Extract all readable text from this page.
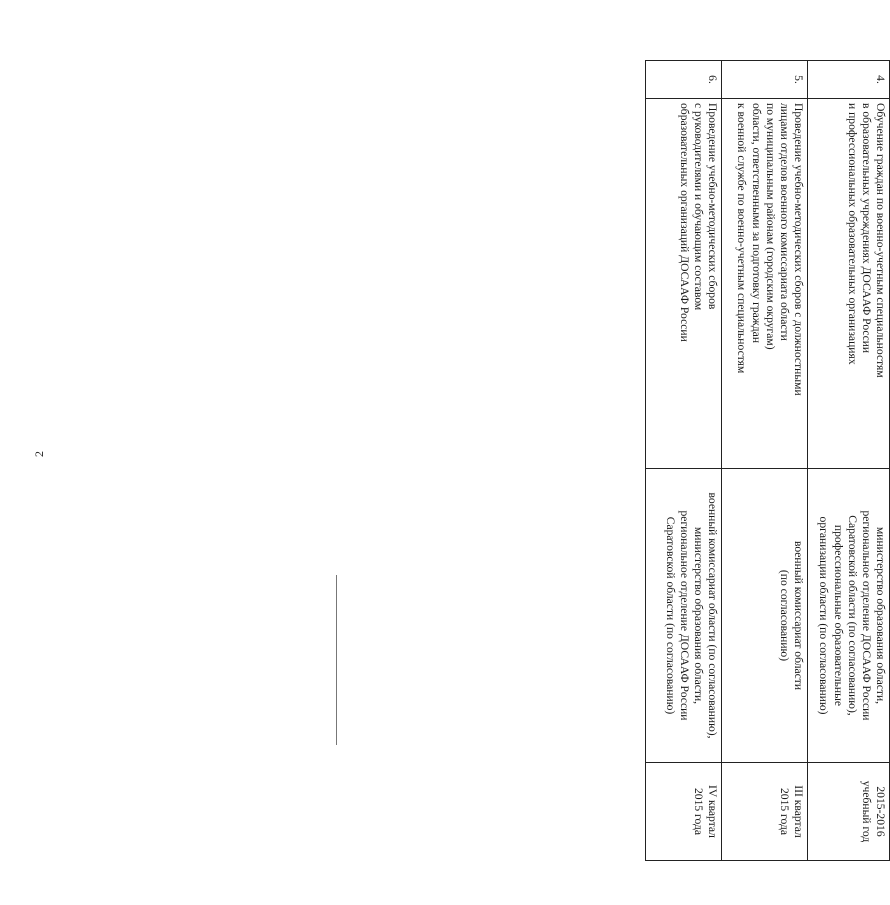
2
4.	Обучение граждан по военно-учетным специальностям
в образовательных учреждениях ДОСААФ России
и профессиональных образовательных организациях	министерство образования области,
региональное отделение ДОСААФ России
Саратовской области (по согласованию),
профессиональные образовательные
организации области (по согласованию)	2015-2016
учебный год

5.	Проведение учебно-методических сборов с должностными
лицами отделов военного комиссариата области
по муниципальным районам (городским округам)
области, ответственными за подготовку граждан
к военной службе по военно-учетным специальностям	военный комиссариат области
(по согласованию)	III квартал
2015 года

6.	Проведение учебно-методических сборов
с руководителями и обучающим составом
образовательных организаций ДОСААФ России	военный комиссариат области (по согласованию),
министерство образования области,
региональное отделение ДОСААФ России
Саратовской области (по согласованию)	IV квартал
2015 года
